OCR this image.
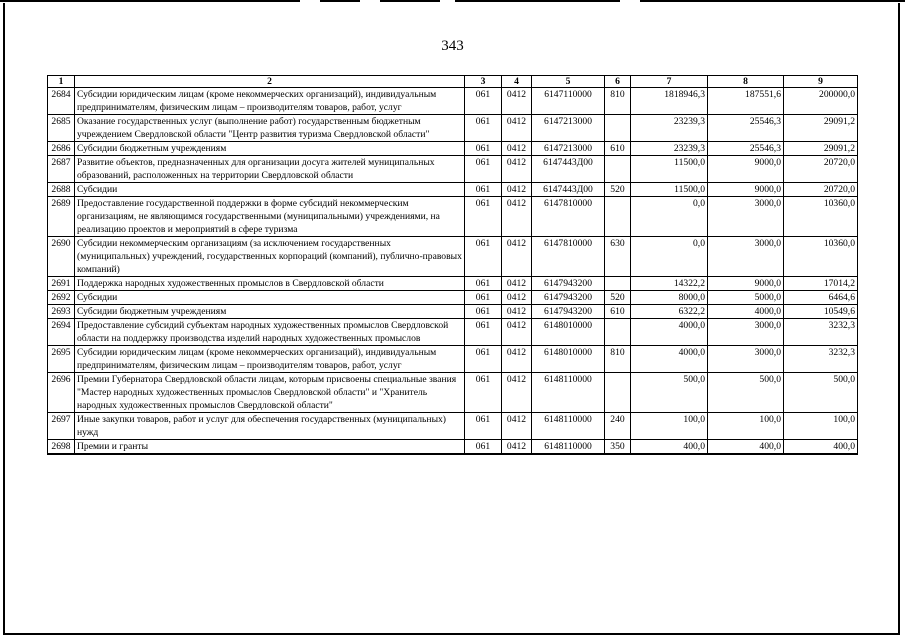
343
1	2	3	4	5	6	7	8	9
2684	Субсидии юридическим лицам (кроме некоммерческих организаций), индивидуальным предпринимателям, физическим лицам – производителям товаров, работ, услуг	061	0412	6147110000	810	1818946,3	187551,6	200000,0
2685	Оказание государственных услуг (выполнение работ) государственным бюджетным учреждением Свердловской области "Центр развития туризма Свердловской области"	061	0412	6147213000		23239,3	25546,3	29091,2
2686	Субсидии бюджетным учреждениям	061	0412	6147213000	610	23239,3	25546,3	29091,2
2687	Развитие объектов, предназначенных для организации досуга жителей муниципальных образований, расположенных на территории Свердловской области	061	0412	6147443Д00		11500,0	9000,0	20720,0
2688	Субсидии	061	0412	6147443Д00	520	11500,0	9000,0	20720,0
2689	Предоставление государственной поддержки в форме субсидий некоммерческим организациям, не являющимся государственными (муниципальными) учреждениями, на реализацию проектов и мероприятий в сфере туризма	061	0412	6147810000		0,0	3000,0	10360,0
2690	Субсидии некоммерческим организациям (за исключением государственных (муниципальных) учреждений, государственных корпораций (компаний), публично-правовых компаний)	061	0412	6147810000	630	0,0	3000,0	10360,0
2691	Поддержка народных художественных промыслов в Свердловской области	061	0412	6147943200		14322,2	9000,0	17014,2
2692	Субсидии	061	0412	6147943200	520	8000,0	5000,0	6464,6
2693	Субсидии бюджетным учреждениям	061	0412	6147943200	610	6322,2	4000,0	10549,6
2694	Предоставление субсидий субъектам народных художественных промыслов Свердловской области на поддержку производства изделий народных художественных промыслов	061	0412	6148010000		4000,0	3000,0	3232,3
2695	Субсидии юридическим лицам (кроме некоммерческих организаций), индивидуальным предпринимателям, физическим лицам – производителям товаров, работ, услуг	061	0412	6148010000	810	4000,0	3000,0	3232,3
2696	Премии Губернатора Свердловской области лицам, которым присвоены специальные звания "Мастер народных художественных промыслов Свердловской области" и "Хранитель народных художественных промыслов Свердловской области"	061	0412	6148110000		500,0	500,0	500,0
2697	Иные закупки товаров, работ и услуг для обеспечения государственных (муниципальных) нужд	061	0412	6148110000	240	100,0	100,0	100,0
2698	Премии и гранты	061	0412	6148110000	350	400,0	400,0	400,0
